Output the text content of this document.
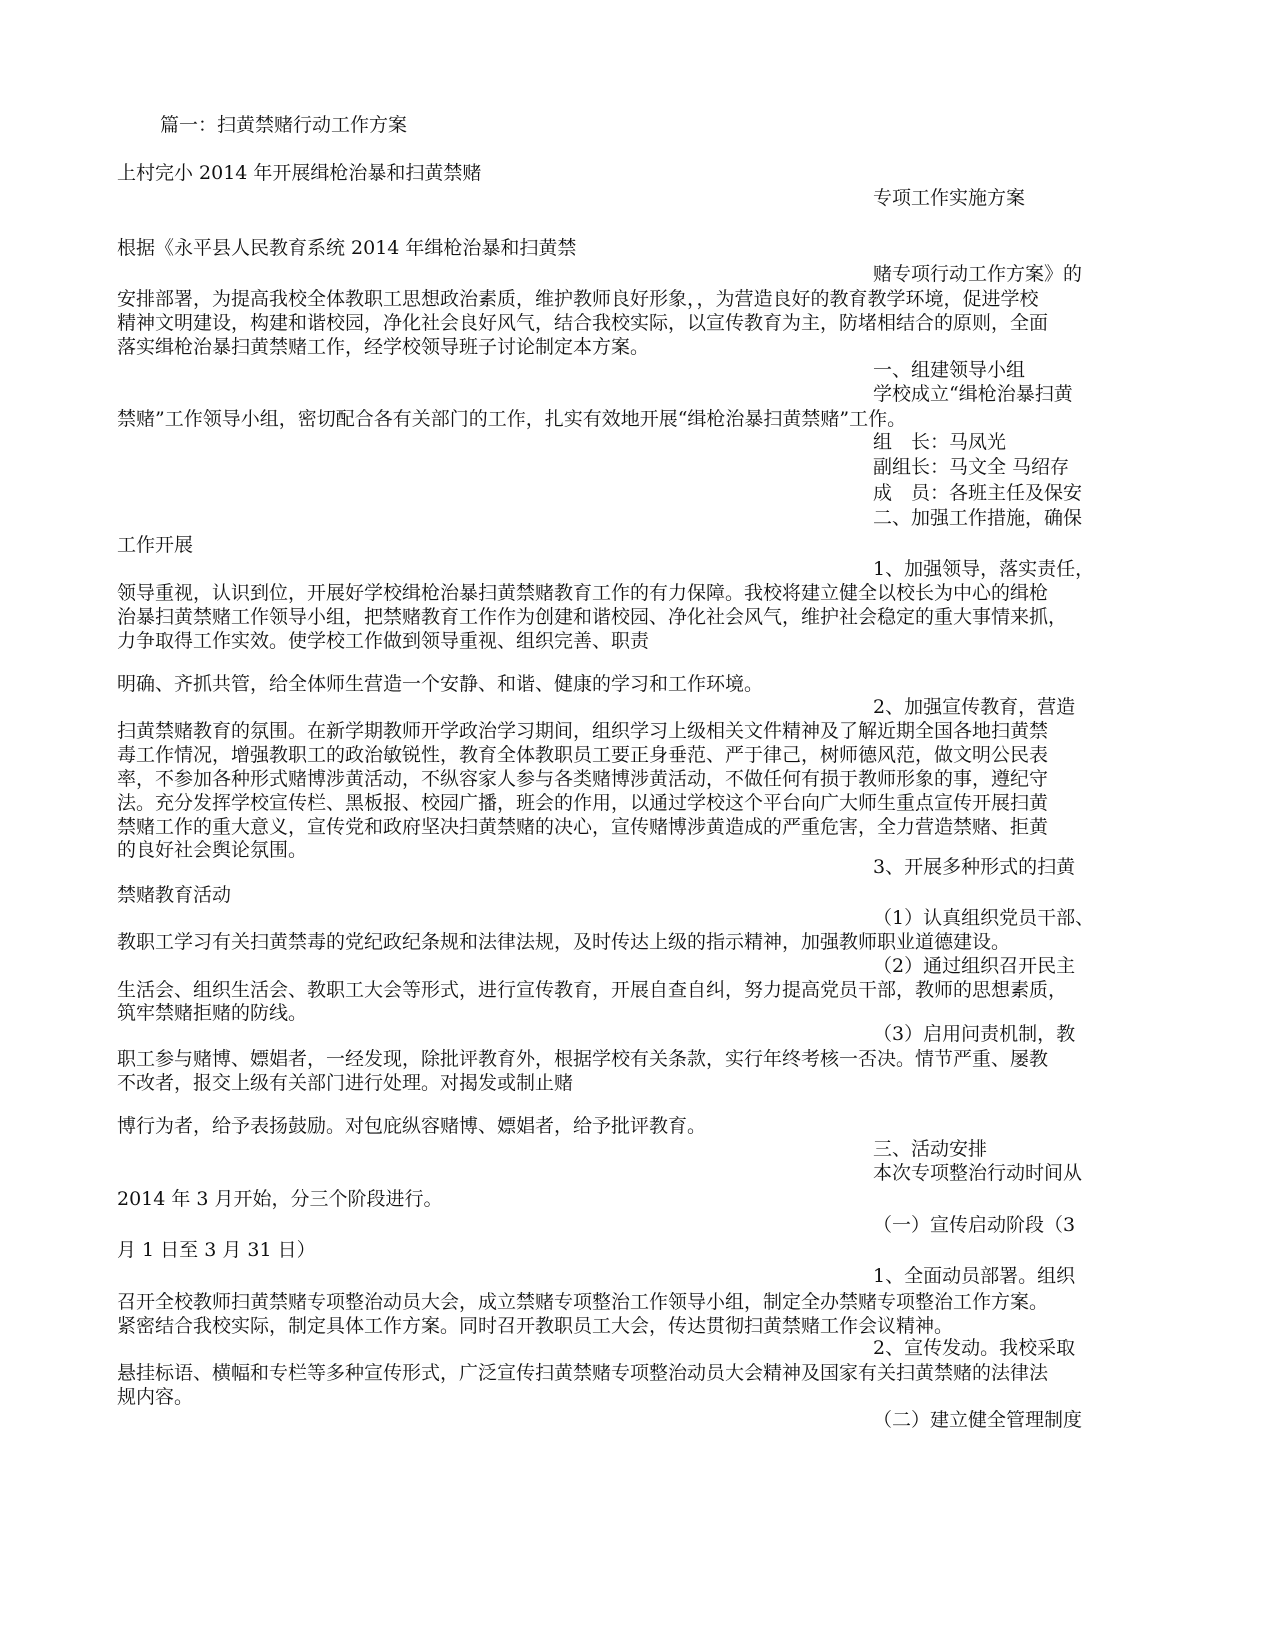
篇一：扫黄禁赌行动工作方案
上村完小 2014 年开展缉枪治暴和扫黄禁赌
专项工作实施方案
根据《永平县人民教育系统 2014 年缉枪治暴和扫黄禁
赌专项行动工作方案》的
安排部署，为提高我校全体教职工思想政治素质，维护教师良好形象，，为营造良好的教育教学环境，促进学校
精神文明建设，构建和谐校园，净化社会良好风气，结合我校实际，以宣传教育为主，防堵相结合的原则，全面
落实缉枪治暴扫黄禁赌工作，经学校领导班子讨论制定本方案。
一、组建领导小组
学校成立“缉枪治暴扫黄
禁赌”工作领导小组，密切配合各有关部门的工作，扎实有效地开展“缉枪治暴扫黄禁赌”工作。
组　长：马凤光
副组长：马文全 马绍存
成　员：各班主任及保安
二、加强工作措施，确保
工作开展
1、加强领导，落实责任，
领导重视，认识到位，开展好学校缉枪治暴扫黄禁赌教育工作的有力保障。我校将建立健全以校长为中心的缉枪
治暴扫黄禁赌工作领导小组，把禁赌教育工作作为创建和谐校园、净化社会风气，维护社会稳定的重大事情来抓，
力争取得工作实效。使学校工作做到领导重视、组织完善、职责
明确、齐抓共管，给全体师生营造一个安静、和谐、健康的学习和工作环境。
2、加强宣传教育，营造
扫黄禁赌教育的氛围。在新学期教师开学政治学习期间，组织学习上级相关文件精神及了解近期全国各地扫黄禁
毒工作情况，增强教职工的政治敏锐性，教育全体教职员工要正身垂范、严于律己，树师德风范，做文明公民表
率，不参加各种形式赌博涉黄活动，不纵容家人参与各类赌博涉黄活动，不做任何有损于教师形象的事，遵纪守
法。充分发挥学校宣传栏、黑板报、校园广播，班会的作用，以通过学校这个平台向广大师生重点宣传开展扫黄
禁赌工作的重大意义，宣传党和政府坚决扫黄禁赌的决心，宣传赌博涉黄造成的严重危害，全力营造禁赌、拒黄
的良好社会舆论氛围。
3、开展多种形式的扫黄
禁赌教育活动
（1）认真组织党员干部、
教职工学习有关扫黄禁毒的党纪政纪条规和法律法规，及时传达上级的指示精神，加强教师职业道德建设。
（2）通过组织召开民主
生活会、组织生活会、教职工大会等形式，进行宣传教育，开展自查自纠，努力提高党员干部，教师的思想素质，
筑牢禁赌拒赌的防线。
（3）启用问责机制，教
职工参与赌博、嫖娼者，一经发现，除批评教育外，根据学校有关条款，实行年终考核一否决。情节严重、屡教
不改者，报交上级有关部门进行处理。对揭发或制止赌
博行为者，给予表扬鼓励。对包庇纵容赌博、嫖娼者，给予批评教育。
三、活动安排
本次专项整治行动时间从
2014 年 3 月开始，分三个阶段进行。
（一）宣传启动阶段（3
月 1 日至 3 月 31 日）
1、全面动员部署。组织
召开全校教师扫黄禁赌专项整治动员大会，成立禁赌专项整治工作领导小组，制定全办禁赌专项整治工作方案。
紧密结合我校实际，制定具体工作方案。同时召开教职员工大会，传达贯彻扫黄禁赌工作会议精神。
2、宣传发动。我校采取
悬挂标语、横幅和专栏等多种宣传形式，广泛宣传扫黄禁赌专项整治动员大会精神及国家有关扫黄禁赌的法律法
规内容。
（二）建立健全管理制度
